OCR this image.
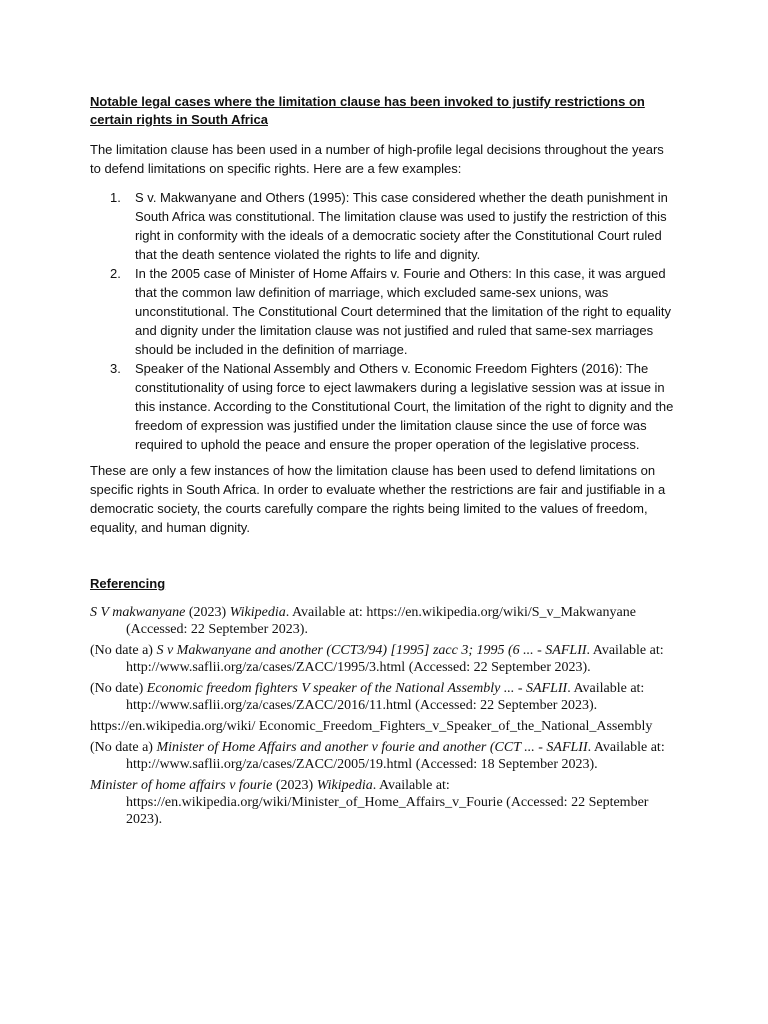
Notable legal cases where the limitation clause has been invoked to justify restrictions on certain rights in South Africa

The limitation clause has been used in a number of high-profile legal decisions throughout the years to defend limitations on specific rights. Here are a few examples:

1. S v. Makwanyane and Others (1995): This case considered whether the death punishment in South Africa was constitutional. The limitation clause was used to justify the restriction of this right in conformity with the ideals of a democratic society after the Constitutional Court ruled that the death sentence violated the rights to life and dignity.
2. In the 2005 case of Minister of Home Affairs v. Fourie and Others: In this case, it was argued that the common law definition of marriage, which excluded same-sex unions, was unconstitutional. The Constitutional Court determined that the limitation of the right to equality and dignity under the limitation clause was not justified and ruled that same-sex marriages should be included in the definition of marriage.
3. Speaker of the National Assembly and Others v. Economic Freedom Fighters (2016): The constitutionality of using force to eject lawmakers during a legislative session was at issue in this instance. According to the Constitutional Court, the limitation of the right to dignity and the freedom of expression was justified under the limitation clause since the use of force was required to uphold the peace and ensure the proper operation of the legislative process.

These are only a few instances of how the limitation clause has been used to defend limitations on specific rights in South Africa. In order to evaluate whether the restrictions are fair and justifiable in a democratic society, the courts carefully compare the rights being limited to the values of freedom, equality, and human dignity.

Referencing

S V makwanyane (2023) Wikipedia. Available at: https://en.wikipedia.org/wiki/S_v_Makwanyane (Accessed: 22 September 2023).

(No date a) S v Makwanyane and another (CCT3/94) [1995] zacc 3; 1995 (6 ... - SAFLII. Available at: http://www.saflii.org/za/cases/ZACC/1995/3.html (Accessed: 22 September 2023).

(No date) Economic freedom fighters V speaker of the National Assembly ... - SAFLII. Available at: http://www.saflii.org/za/cases/ZACC/2016/11.html (Accessed: 22 September 2023).

https://en.wikipedia.org/wiki/ Economic_Freedom_Fighters_v_Speaker_of_the_National_Assembly

(No date a) Minister of Home Affairs and another v fourie and another (CCT ... - SAFLII. Available at: http://www.saflii.org/za/cases/ZACC/2005/19.html (Accessed: 18 September 2023).

Minister of home affairs v fourie (2023) Wikipedia. Available at: https://en.wikipedia.org/wiki/Minister_of_Home_Affairs_v_Fourie (Accessed: 22 September 2023).
